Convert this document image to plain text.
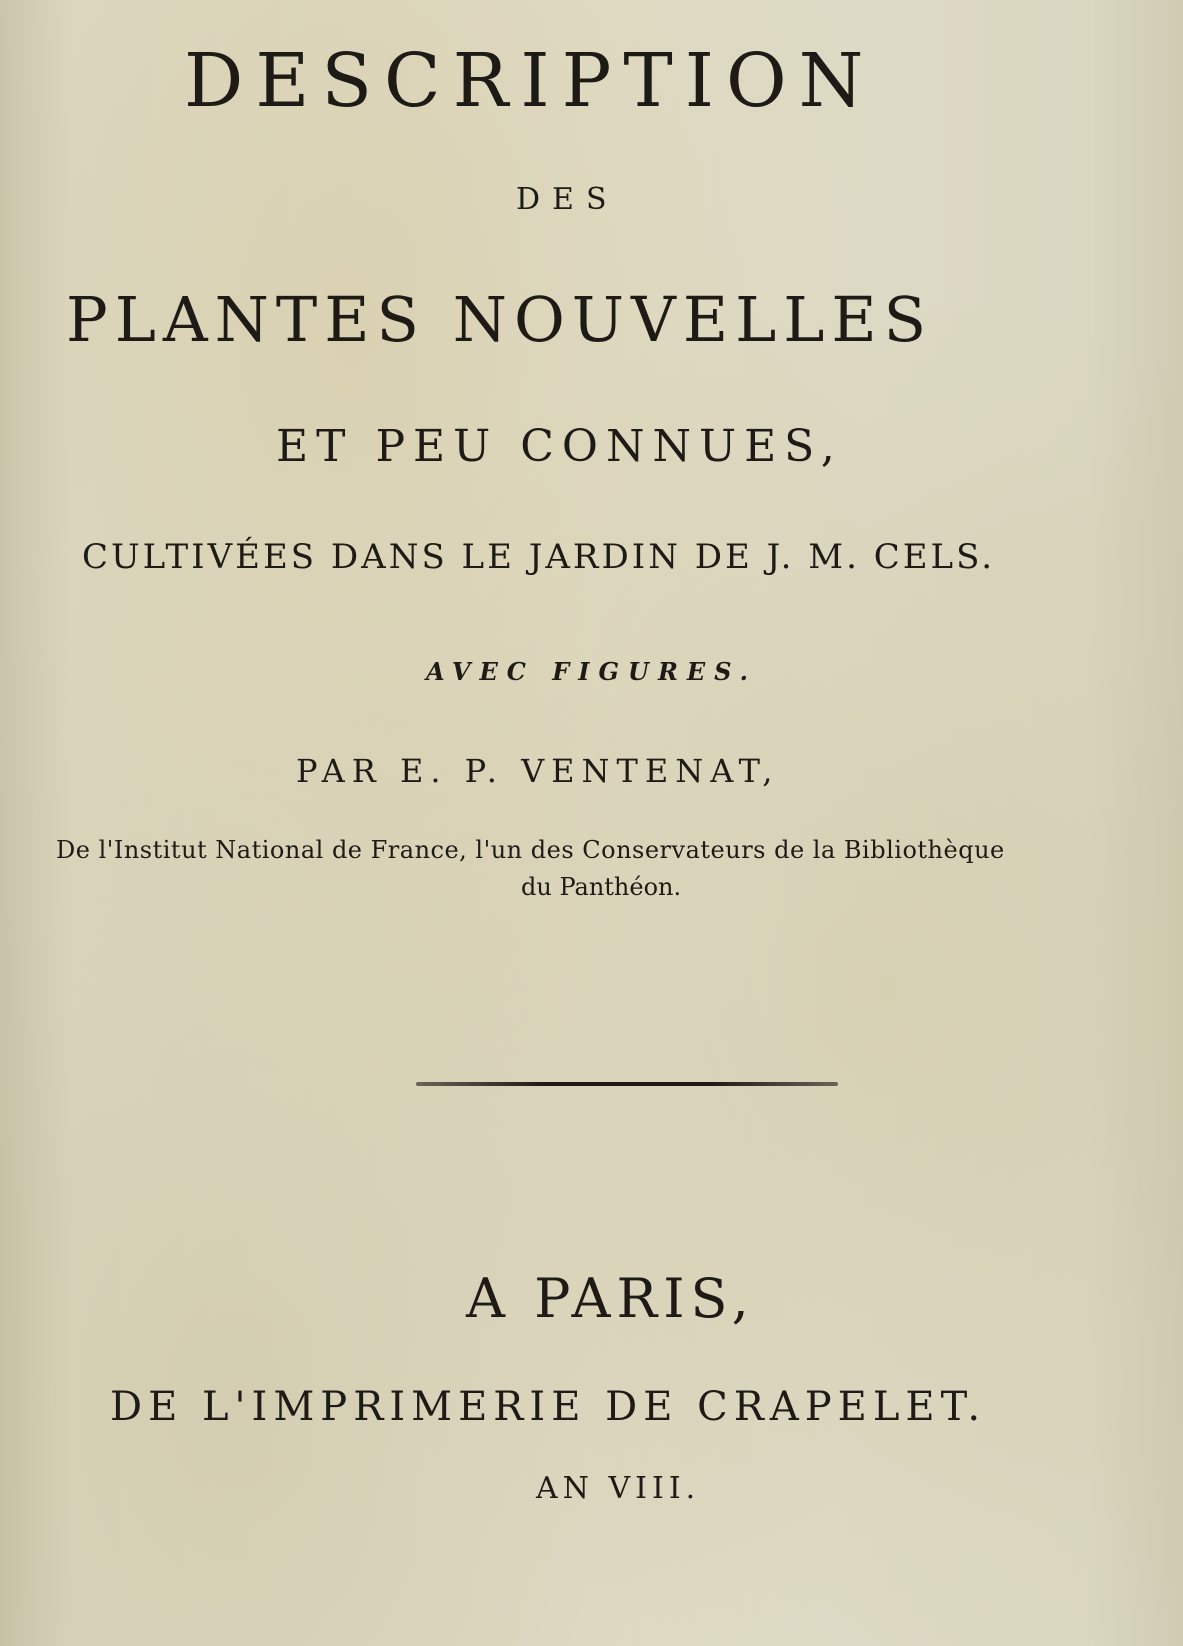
DESCRIPTION
DES
PLANTES NOUVELLES
ET PEU CONNUES,
CULTIVÉES DANS LE JARDIN DE J. M. CELS.
AVEC FIGURES.
PAR E. P. VENTENAT,
De l'Institut National de France, l'un des Conservateurs de la Bibliothèque
du Panthéon.
A PARIS,
DE L'IMPRIMERIE DE CRAPELET.
AN VIII.
